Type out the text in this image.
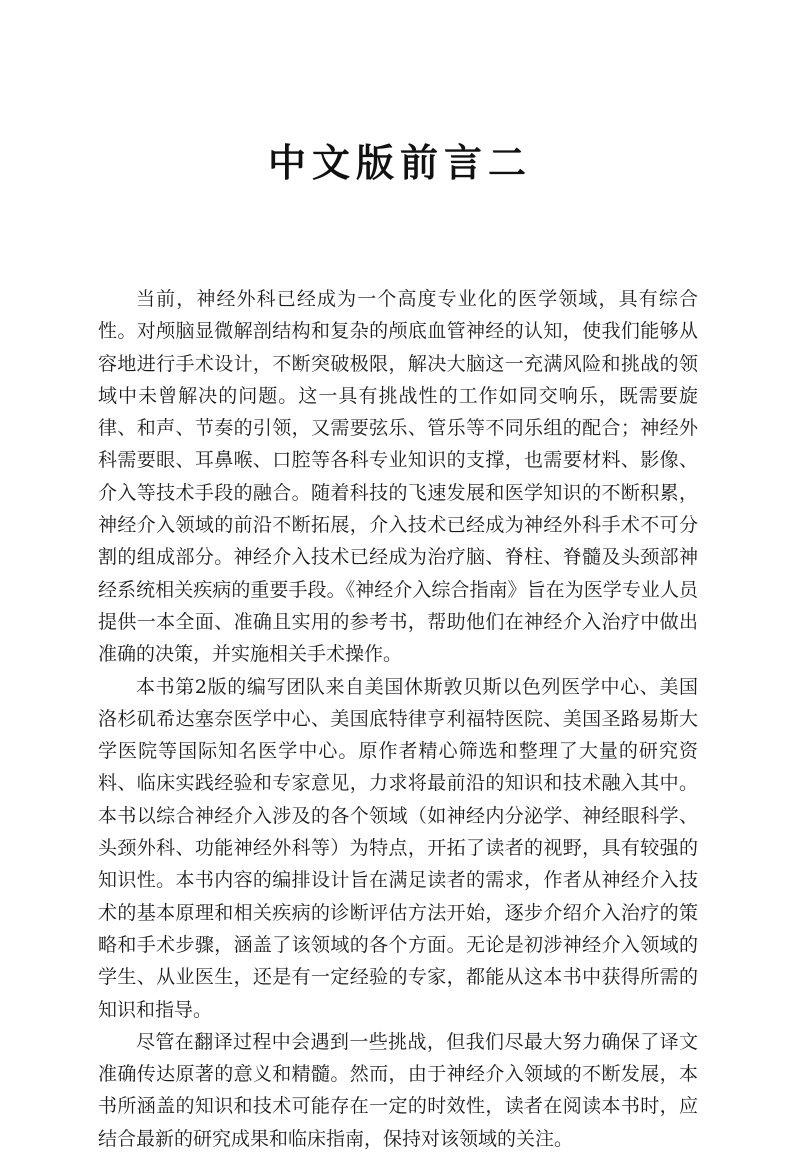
中文版前言二

当前，神经外科已经成为一个高度专业化的医学领域，具有综合性。对颅脑显微解剖结构和复杂的颅底血管神经的认知，使我们能够从容地进行手术设计，不断突破极限，解决大脑这一充满风险和挑战的领域中未曾解决的问题。这一具有挑战性的工作如同交响乐，既需要旋律、和声、节奏的引领，又需要弦乐、管乐等不同乐组的配合；神经外科需要眼、耳鼻喉、口腔等各科专业知识的支撑，也需要材料、影像、介入等技术手段的融合。随着科技的飞速发展和医学知识的不断积累，神经介入领域的前沿不断拓展，介入技术已经成为神经外科手术不可分割的组成部分。神经介入技术已经成为治疗脑、脊柱、脊髓及头颈部神经系统相关疾病的重要手段。《神经介入综合指南》旨在为医学专业人员提供一本全面、准确且实用的参考书，帮助他们在神经介入治疗中做出准确的决策，并实施相关手术操作。

本书第2版的编写团队来自美国休斯敦贝斯以色列医学中心、美国洛杉矶希达塞奈医学中心、美国底特律亨利福特医院、美国圣路易斯大学医院等国际知名医学中心。原作者精心筛选和整理了大量的研究资料、临床实践经验和专家意见，力求将最前沿的知识和技术融入其中。本书以综合神经介入涉及的各个领域（如神经内分泌学、神经眼科学、头颈外科、功能神经外科等）为特点，开拓了读者的视野，具有较强的知识性。本书内容的编排设计旨在满足读者的需求，作者从神经介入技术的基本原理和相关疾病的诊断评估方法开始，逐步介绍介入治疗的策略和手术步骤，涵盖了该领域的各个方面。无论是初涉神经介入领域的学生、从业医生，还是有一定经验的专家，都能从这本书中获得所需的知识和指导。

尽管在翻译过程中会遇到一些挑战，但我们尽最大努力确保了译文准确传达原著的意义和精髓。然而，由于神经介入领域的不断发展，本书所涵盖的知识和技术可能存在一定的时效性，读者在阅读本书时，应结合最新的研究成果和临床指南，保持对该领域的关注。
